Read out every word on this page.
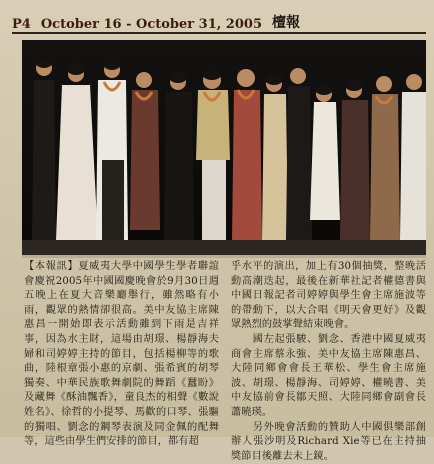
P4 October 16 - October 31, 2005 檀報

【本報訊】夏威夷大學中國學生學者聯誼會慶祝2005年中國國慶晚會於9月30日週五晚上在夏大音樂廳舉行，雖然略有小雨，觀眾的熱情卻很高。美中友協主席陳惠昌一開始即表示活動雖到下雨是吉祥事，因為水主財，這場由胡璟、楊靜海夫婦和司婷婷主持的節目，包括楊柳等的歌曲，陸根章張小惠的京劇、張希賓的胡琴獨奏、中華民族歌舞劇院的舞蹈《蠶盼》及藏舞《酥油飄香》，童良杰的相聲《數說姓名》、徐哲的小提琴、馬歡的口琴、張驅的獨唱、劉念的鋼琴表演及同金佩的配舞等，這些由學生們安排的節目，都有超

乎水平的演出，加上有30個抽獎，整晚活動高潮迭起，最後在新華社記者權德書與中國日報記者司婷婷與學生會主席施波等的帶動下，以大合唱《明天會更好》及觀眾熱烈的鼓掌聲結束晚會。
　　國左起張駿、劉念、香港中國夏威夷商會主席蔡永強、美中友協主席陳惠昌、大陸同鄉會會長王華松、學生會主席施波、胡璟、楊靜海、司婷婷、權曉書、美中友協前會長鄒天照、大陸同鄉會副會長蕭曉瑛。
　　另外晚會活動的贊助人中國俱樂部創辦人張沙明及Richard Xie等已在主持抽獎節目後離去未上鏡。
